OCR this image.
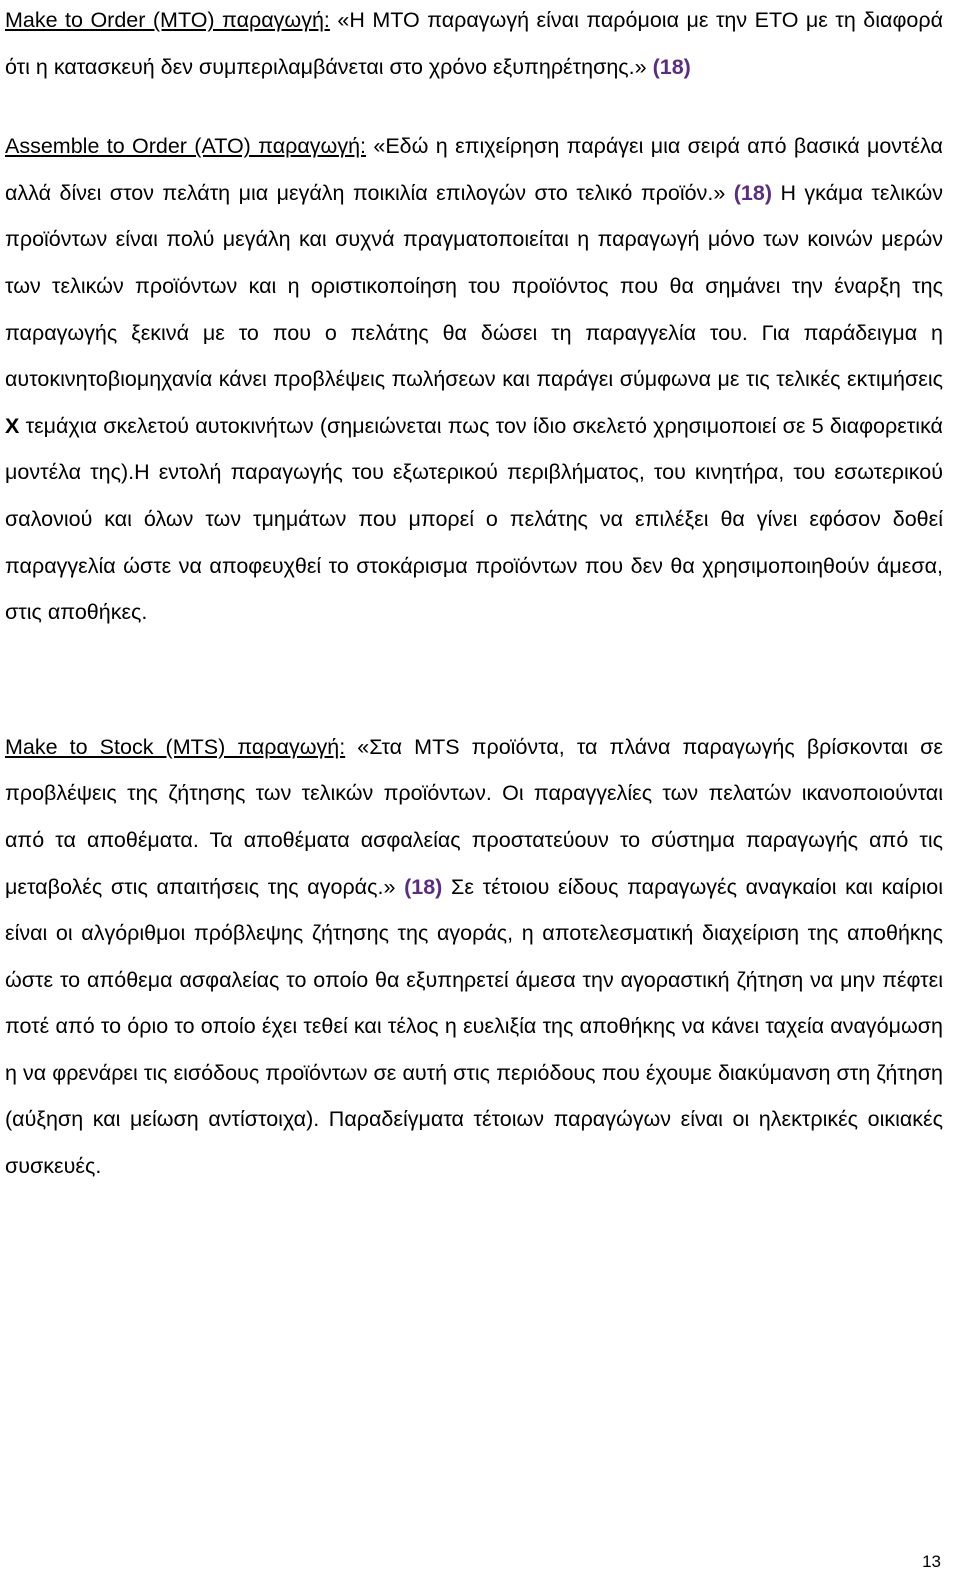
Make to Order (MTO) παραγωγή: «Η ΜΤΟ παραγωγή είναι παρόμοια με την ΕΤΟ με τη διαφορά ότι η κατασκευή δεν συμπεριλαμβάνεται στο χρόνο εξυπηρέτησης.» (18)

Assemble to Order (ATO) παραγωγή: «Εδώ η επιχείρηση παράγει μια σειρά από βασικά μοντέλα αλλά δίνει στον πελάτη μια μεγάλη ποικιλία επιλογών στο τελικό προϊόν.» (18) Η γκάμα τελικών προϊόντων είναι πολύ μεγάλη και συχνά πραγματοποιείται η παραγωγή μόνο των κοινών μερών των τελικών προϊόντων και η οριστικοποίηση του προϊόντος που θα σημάνει την έναρξη της παραγωγής ξεκινά με το που ο πελάτης θα δώσει τη παραγγελία του. Για παράδειγμα η αυτοκινητοβιομηχανία κάνει προβλέψεις πωλήσεων και παράγει σύμφωνα με τις τελικές εκτιμήσεις Χ τεμάχια σκελετού αυτοκινήτων (σημειώνεται πως τον ίδιο σκελετό χρησιμοποιεί σε 5 διαφορετικά μοντέλα της).Η εντολή παραγωγής του εξωτερικού περιβλήματος, του κινητήρα, του εσωτερικού σαλονιού και όλων των τμημάτων που μπορεί ο πελάτης να επιλέξει θα γίνει εφόσον δοθεί παραγγελία ώστε να αποφευχθεί το στοκάρισμα προϊόντων που δεν θα χρησιμοποιηθούν άμεσα, στις αποθήκες.

Make to Stock (MTS) παραγωγή: «Στα MTS προϊόντα, τα πλάνα παραγωγής βρίσκονται σε προβλέψεις της ζήτησης των τελικών προϊόντων. Οι παραγγελίες των πελατών ικανοποιούνται από τα αποθέματα. Τα αποθέματα ασφαλείας προστατεύουν το σύστημα παραγωγής από τις μεταβολές στις απαιτήσεις της αγοράς.» (18) Σε τέτοιου είδους παραγωγές αναγκαίοι και καίριοι είναι οι αλγόριθμοι πρόβλεψης ζήτησης της αγοράς, η αποτελεσματική διαχείριση της αποθήκης ώστε το απόθεμα ασφαλείας το οποίο θα εξυπηρετεί άμεσα την αγοραστική ζήτηση να μην πέφτει ποτέ από το όριο το οποίο έχει τεθεί και τέλος η ευελιξία της αποθήκης να κάνει ταχεία αναγόμωση η να φρενάρει τις εισόδους προϊόντων σε αυτή στις περιόδους που έχουμε διακύμανση στη ζήτηση (αύξηση και μείωση αντίστοιχα). Παραδείγματα τέτοιων παραγώγων είναι οι ηλεκτρικές οικιακές συσκευές.

13
